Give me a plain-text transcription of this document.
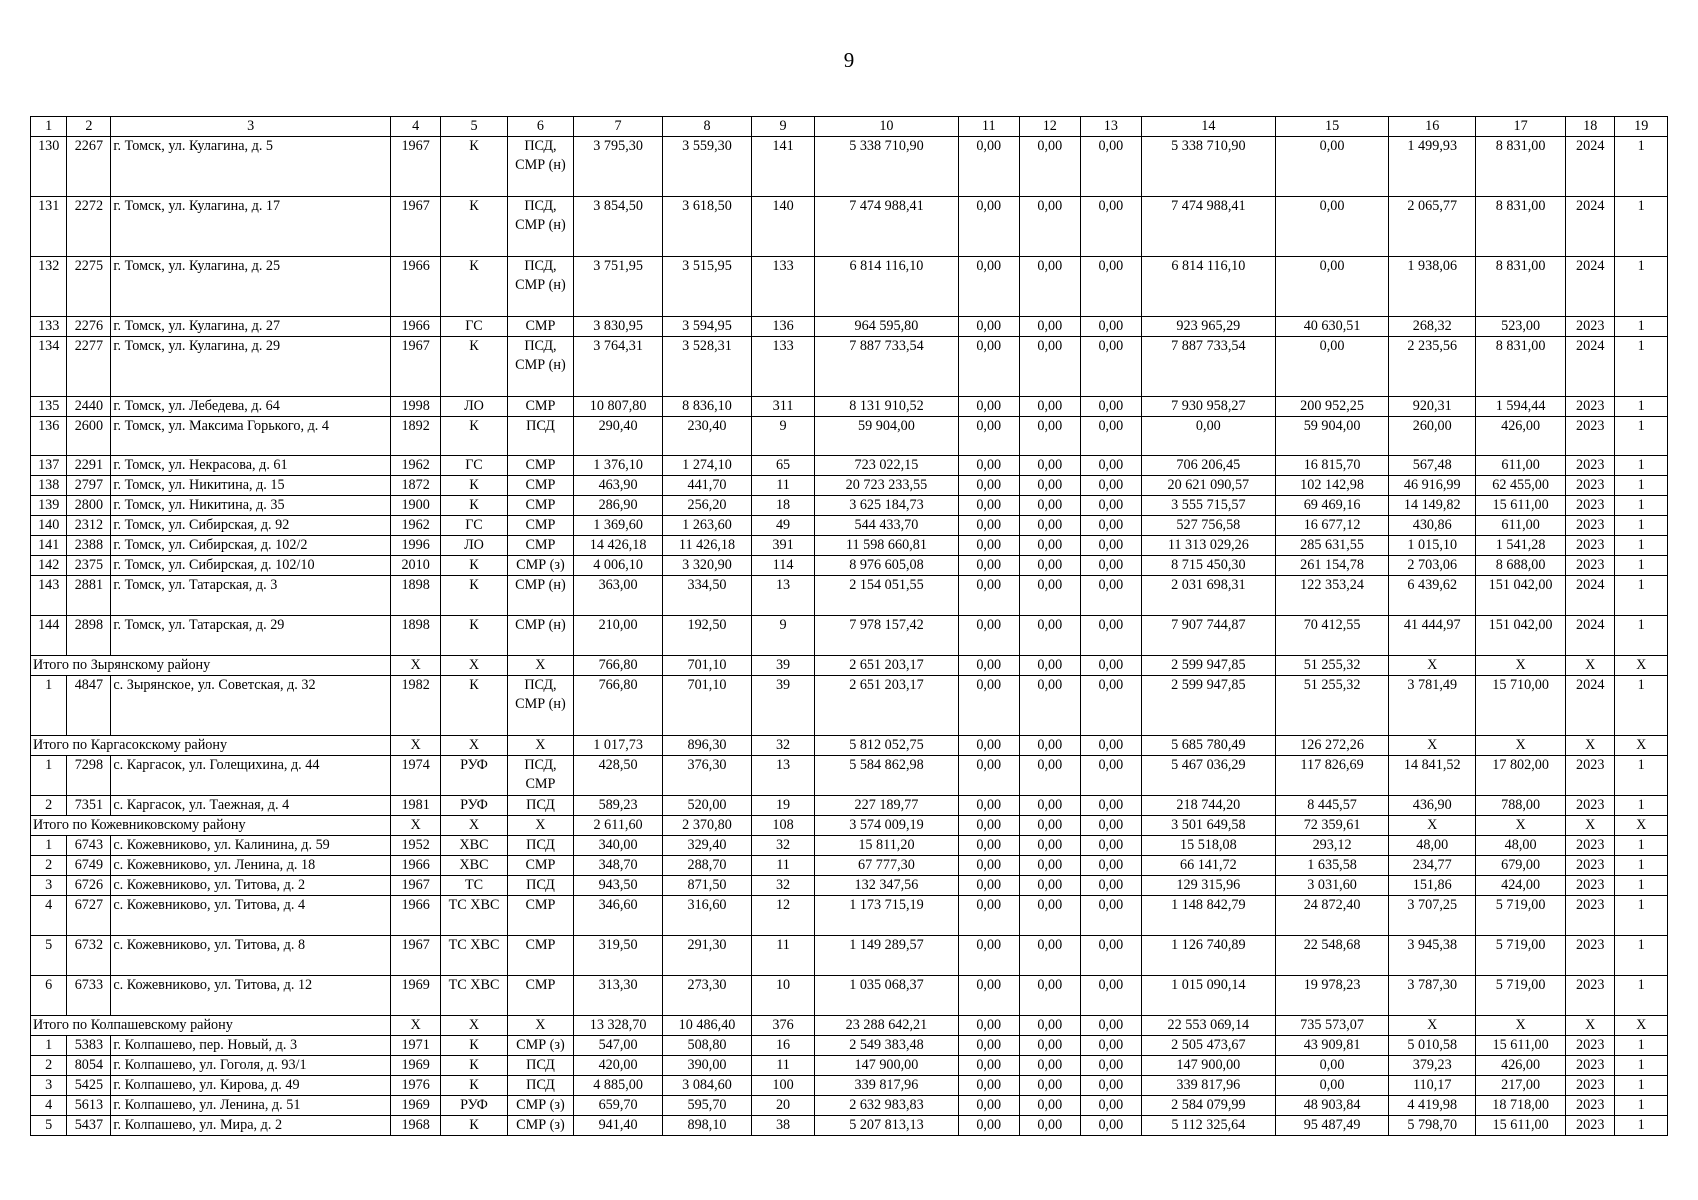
9
1	2	3	4	5	6	7	8	9	10	11	12	13	14	15	16	17	18	19
130	2267	г. Томск, ул. Кулагина, д. 5	1967	К	ПСД, СМР (н)	3 795,30	3 559,30	141	5 338 710,90	0,00	0,00	0,00	5 338 710,90	0,00	1 499,93	8 831,00	2024	1
131	2272	г. Томск, ул. Кулагина, д. 17	1967	К	ПСД, СМР (н)	3 854,50	3 618,50	140	7 474 988,41	0,00	0,00	0,00	7 474 988,41	0,00	2 065,77	8 831,00	2024	1
132	2275	г. Томск, ул. Кулагина, д. 25	1966	К	ПСД, СМР (н)	3 751,95	3 515,95	133	6 814 116,10	0,00	0,00	0,00	6 814 116,10	0,00	1 938,06	8 831,00	2024	1
133	2276	г. Томск, ул. Кулагина, д. 27	1966	ГС	СМР	3 830,95	3 594,95	136	964 595,80	0,00	0,00	0,00	923 965,29	40 630,51	268,32	523,00	2023	1
134	2277	г. Томск, ул. Кулагина, д. 29	1967	К	ПСД, СМР (н)	3 764,31	3 528,31	133	7 887 733,54	0,00	0,00	0,00	7 887 733,54	0,00	2 235,56	8 831,00	2024	1
135	2440	г. Томск, ул. Лебедева, д. 64	1998	ЛО	СМР	10 807,80	8 836,10	311	8 131 910,52	0,00	0,00	0,00	7 930 958,27	200 952,25	920,31	1 594,44	2023	1
136	2600	г. Томск, ул. Максима Горького, д. 4	1892	К	ПСД	290,40	230,40	9	59 904,00	0,00	0,00	0,00	0,00	59 904,00	260,00	426,00	2023	1
137	2291	г. Томск, ул. Некрасова, д. 61	1962	ГС	СМР	1 376,10	1 274,10	65	723 022,15	0,00	0,00	0,00	706 206,45	16 815,70	567,48	611,00	2023	1
138	2797	г. Томск, ул. Никитина, д. 15	1872	К	СМР	463,90	441,70	11	20 723 233,55	0,00	0,00	0,00	20 621 090,57	102 142,98	46 916,99	62 455,00	2023	1
139	2800	г. Томск, ул. Никитина, д. 35	1900	К	СМР	286,90	256,20	18	3 625 184,73	0,00	0,00	0,00	3 555 715,57	69 469,16	14 149,82	15 611,00	2023	1
140	2312	г. Томск, ул. Сибирская, д. 92	1962	ГС	СМР	1 369,60	1 263,60	49	544 433,70	0,00	0,00	0,00	527 756,58	16 677,12	430,86	611,00	2023	1
141	2388	г. Томск, ул. Сибирская, д. 102/2	1996	ЛО	СМР	14 426,18	11 426,18	391	11 598 660,81	0,00	0,00	0,00	11 313 029,26	285 631,55	1 015,10	1 541,28	2023	1
142	2375	г. Томск, ул. Сибирская, д. 102/10	2010	К	СМР (з)	4 006,10	3 320,90	114	8 976 605,08	0,00	0,00	0,00	8 715 450,30	261 154,78	2 703,06	8 688,00	2023	1
143	2881	г. Томск, ул. Татарская, д. 3	1898	К	СМР (н)	363,00	334,50	13	2 154 051,55	0,00	0,00	0,00	2 031 698,31	122 353,24	6 439,62	151 042,00	2024	1
144	2898	г. Томск, ул. Татарская, д. 29	1898	К	СМР (н)	210,00	192,50	9	7 978 157,42	0,00	0,00	0,00	7 907 744,87	70 412,55	41 444,97	151 042,00	2024	1
Итого по Зырянскому району			Х	Х	Х	766,80	701,10	39	2 651 203,17	0,00	0,00	0,00	2 599 947,85	51 255,32	Х	Х	Х	Х
1	4847	с. Зырянское, ул. Советская, д. 32	1982	К	ПСД, СМР (н)	766,80	701,10	39	2 651 203,17	0,00	0,00	0,00	2 599 947,85	51 255,32	3 781,49	15 710,00	2024	1
Итого по Каргасокскому району			Х	Х	Х	1 017,73	896,30	32	5 812 052,75	0,00	0,00	0,00	5 685 780,49	126 272,26	Х	Х	Х	Х
1	7298	с. Каргасок, ул. Голещихина, д. 44	1974	РУФ	ПСД, СМР	428,50	376,30	13	5 584 862,98	0,00	0,00	0,00	5 467 036,29	117 826,69	14 841,52	17 802,00	2023	1
2	7351	с. Каргасок, ул. Таежная, д. 4	1981	РУФ	ПСД	589,23	520,00	19	227 189,77	0,00	0,00	0,00	218 744,20	8 445,57	436,90	788,00	2023	1
Итого по Кожевниковскому району			Х	Х	Х	2 611,60	2 370,80	108	3 574 009,19	0,00	0,00	0,00	3 501 649,58	72 359,61	Х	Х	Х	Х
1	6743	с. Кожевниково, ул. Калинина, д. 59	1952	ХВС	ПСД	340,00	329,40	32	15 811,20	0,00	0,00	0,00	15 518,08	293,12	48,00	48,00	2023	1
2	6749	с. Кожевниково, ул. Ленина, д. 18	1966	ХВС	СМР	348,70	288,70	11	67 777,30	0,00	0,00	0,00	66 141,72	1 635,58	234,77	679,00	2023	1
3	6726	с. Кожевниково, ул. Титова, д. 2	1967	ТС	ПСД	943,50	871,50	32	132 347,56	0,00	0,00	0,00	129 315,96	3 031,60	151,86	424,00	2023	1
4	6727	с. Кожевниково, ул. Титова, д. 4	1966	ТС ХВС	СМР	346,60	316,60	12	1 173 715,19	0,00	0,00	0,00	1 148 842,79	24 872,40	3 707,25	5 719,00	2023	1
5	6732	с. Кожевниково, ул. Титова, д. 8	1967	ТС ХВС	СМР	319,50	291,30	11	1 149 289,57	0,00	0,00	0,00	1 126 740,89	22 548,68	3 945,38	5 719,00	2023	1
6	6733	с. Кожевниково, ул. Титова, д. 12	1969	ТС ХВС	СМР	313,30	273,30	10	1 035 068,37	0,00	0,00	0,00	1 015 090,14	19 978,23	3 787,30	5 719,00	2023	1
Итого по Колпашевскому району			Х	Х	Х	13 328,70	10 486,40	376	23 288 642,21	0,00	0,00	0,00	22 553 069,14	735 573,07	Х	Х	Х	Х
1	5383	г. Колпашево, пер. Новый, д. 3	1971	К	СМР (з)	547,00	508,80	16	2 549 383,48	0,00	0,00	0,00	2 505 473,67	43 909,81	5 010,58	15 611,00	2023	1
2	8054	г. Колпашево, ул. Гоголя, д. 93/1	1969	К	ПСД	420,00	390,00	11	147 900,00	0,00	0,00	0,00	147 900,00	0,00	379,23	426,00	2023	1
3	5425	г. Колпашево, ул. Кирова, д. 49	1976	К	ПСД	4 885,00	3 084,60	100	339 817,96	0,00	0,00	0,00	339 817,96	0,00	110,17	217,00	2023	1
4	5613	г. Колпашево, ул. Ленина, д. 51	1969	РУФ	СМР (з)	659,70	595,70	20	2 632 983,83	0,00	0,00	0,00	2 584 079,99	48 903,84	4 419,98	18 718,00	2023	1
5	5437	г. Колпашево, ул. Мира, д. 2	1968	К	СМР (з)	941,40	898,10	38	5 207 813,13	0,00	0,00	0,00	5 112 325,64	95 487,49	5 798,70	15 611,00	2023	1
